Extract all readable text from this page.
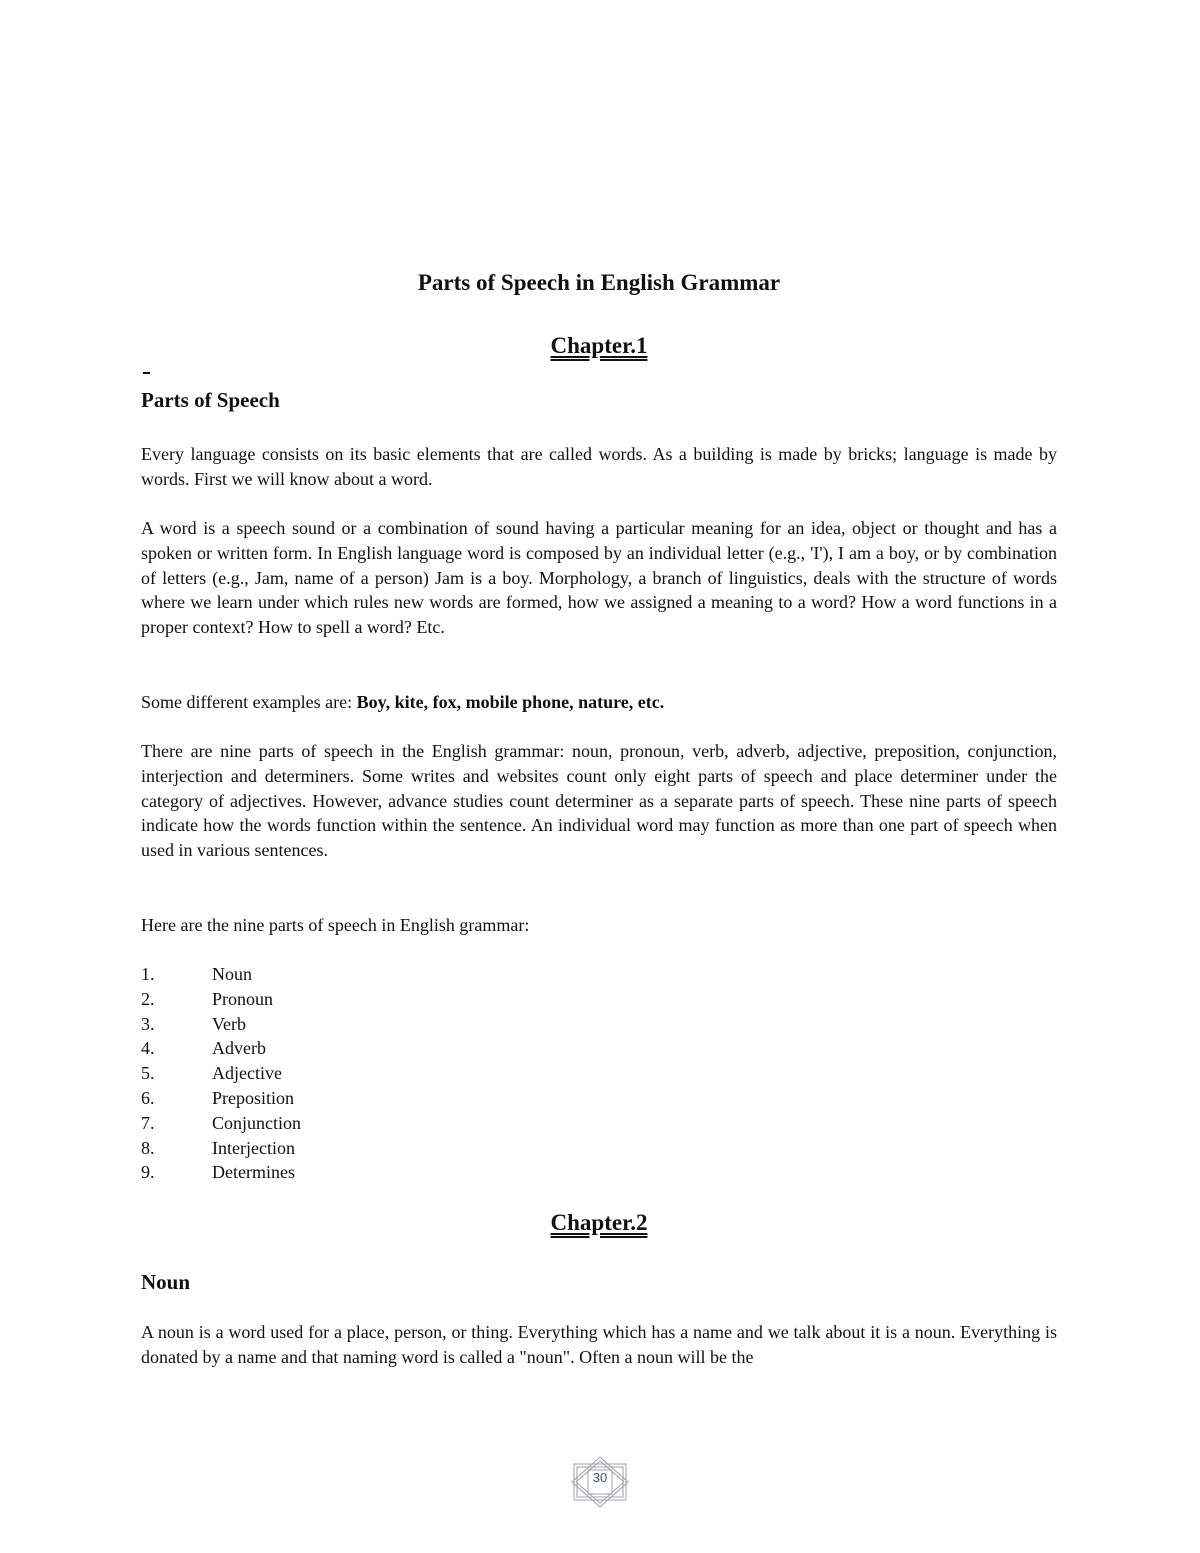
Parts of Speech in English Grammar
Chapter.1
Parts of Speech

Every language consists on its basic elements that are called words. As a building is made by bricks; language is made by words. First we will know about a word.

A word is a speech sound or a combination of sound having a particular meaning for an idea, object or thought and has a spoken or written form. In English language word is composed by an individual letter (e.g., 'I'), I am a boy, or by combination of letters (e.g., Jam, name of a person) Jam is a boy. Morphology, a branch of linguistics, deals with the structure of words where we learn under which rules new words are formed, how we assigned a meaning to a word? How a word functions in a proper context? How to spell a word? Etc.

Some different examples are: Boy, kite, fox, mobile phone, nature, etc.

There are nine parts of speech in the English grammar: noun, pronoun, verb, adverb, adjective, preposition, conjunction, interjection and determiners. Some writes and websites count only eight parts of speech and place determiner under the category of adjectives. However, advance studies count determiner as a separate parts of speech. These nine parts of speech indicate how the words function within the sentence. An individual word may function as more than one part of speech when used in various sentences.

Here are the nine parts of speech in English grammar:

1.	Noun
2.	Pronoun
3.	Verb
4.	Adverb
5.	Adjective
6.	Preposition
7.	Conjunction
8.	Interjection
9.	Determines
Chapter.2
Noun

A noun is a word used for a place, person, or thing. Everything which has a name and we talk about it is a noun. Everything is donated by a name and that naming word is called a "noun". Often a noun will be the

30
